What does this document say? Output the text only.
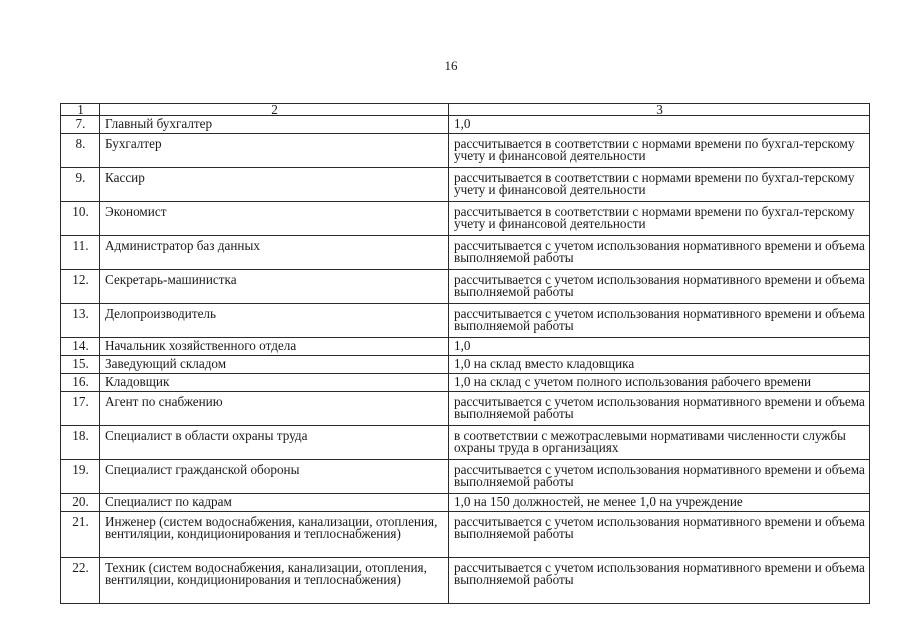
16
1	2	3
7.	Главный бухгалтер	1,0
8.	Бухгалтер	рассчитывается в соответствии с нормами времени по бухгал-терскому учету и финансовой деятельности
9.	Кассир	рассчитывается в соответствии с нормами времени по бухгал-терскому учету и финансовой деятельности
10.	Экономист	рассчитывается в соответствии с нормами времени по бухгал-терскому учету и финансовой деятельности
11.	Администратор баз данных	рассчитывается с учетом использования нормативного времени и объема выполняемой работы
12.	Секретарь-машинистка	рассчитывается с учетом использования нормативного времени и объема выполняемой работы
13.	Делопроизводитель	рассчитывается с учетом использования нормативного времени и объема выполняемой работы
14.	Начальник хозяйственного отдела	1,0
15.	Заведующий складом	1,0 на склад вместо кладовщика
16.	Кладовщик	1,0 на склад с учетом полного использования рабочего времени
17.	Агент по снабжению	рассчитывается с учетом использования нормативного времени и объема выполняемой работы
18.	Специалист в области охраны труда	в соответствии с межотраслевыми нормативами численности службы охраны труда в организациях
19.	Специалист гражданской обороны	рассчитывается с учетом использования нормативного времени и объема выполняемой работы
20.	Специалист по кадрам	1,0 на 150 должностей, не менее 1,0 на учреждение
21.	Инженер (систем водоснабжения, канализации, отопления, вентиляции, кондиционирования и теплоснабжения)	рассчитывается с учетом использования нормативного времени и объема выполняемой работы
22.	Техник (систем водоснабжения, канализации, отопления, вентиляции, кондиционирования и теплоснабжения)	рассчитывается с учетом использования нормативного времени и объема выполняемой работы
